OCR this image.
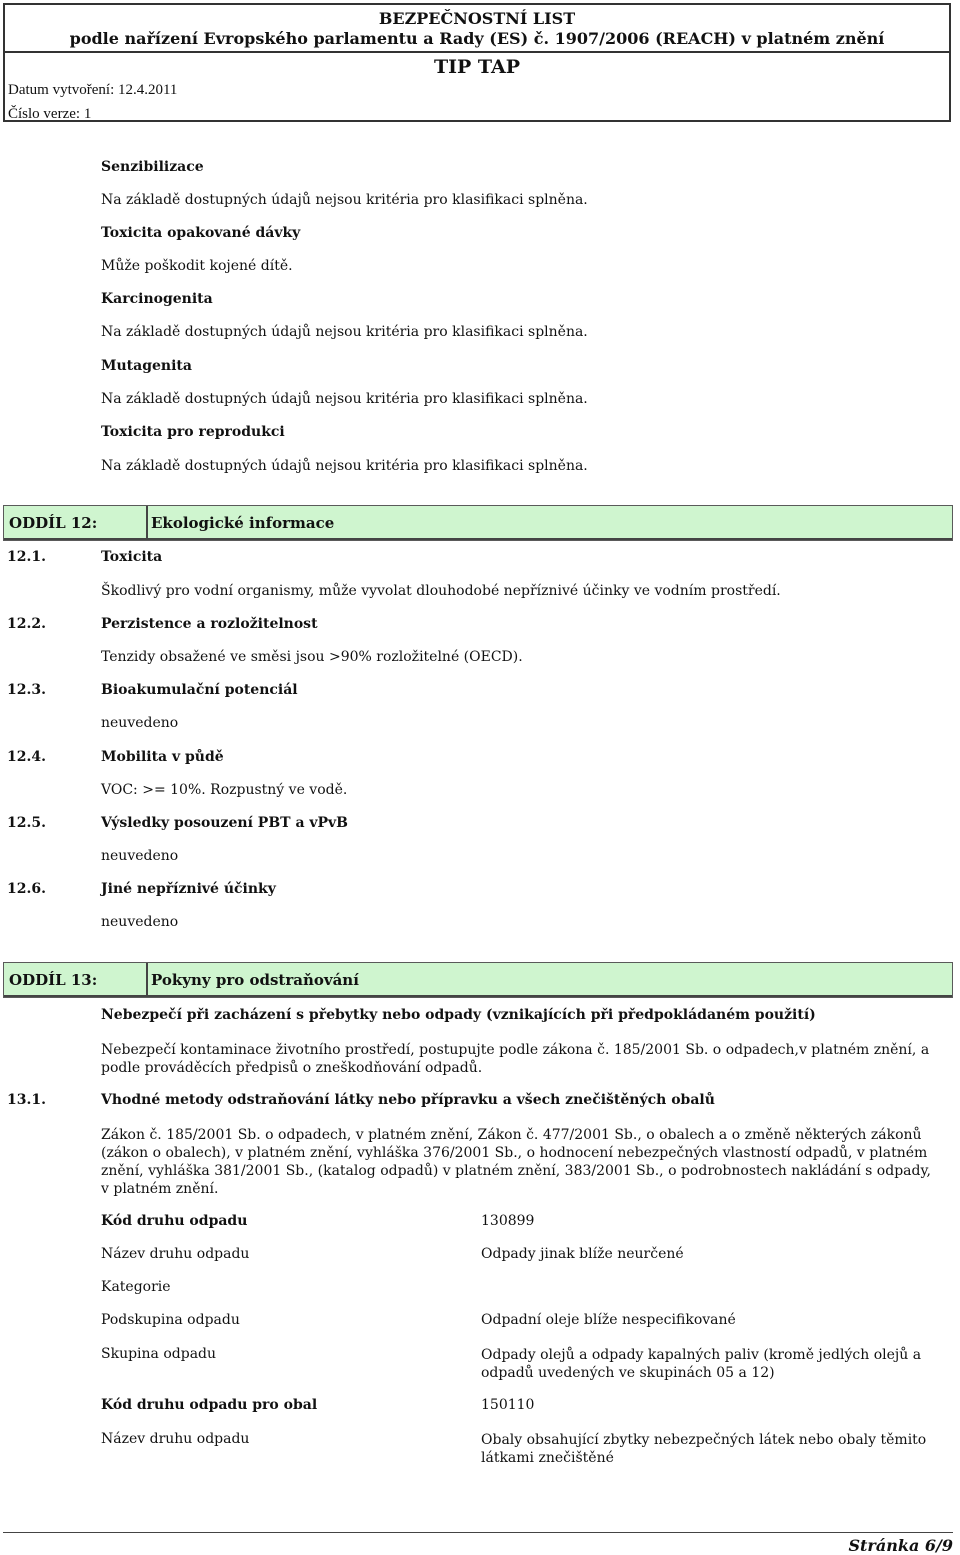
BEZPEČNOSTNÍ LIST
podle nařízení Evropského parlamentu a Rady (ES) č. 1907/2006 (REACH) v platném znění
TIP TAP
Datum vytvoření: 12.4.2011
Číslo verze: 1
Senzibilizace
Na základě dostupných údajů nejsou kritéria pro klasifikaci splněna.
Toxicita opakované dávky
Může poškodit kojené dítě.
Karcinogenita
Na základě dostupných údajů nejsou kritéria pro klasifikaci splněna.
Mutagenita
Na základě dostupných údajů nejsou kritéria pro klasifikaci splněna.
Toxicita pro reprodukci
Na základě dostupných údajů nejsou kritéria pro klasifikaci splněna.
ODDÍL 12:	Ekologické informace
12.1.	Toxicita
Škodlivý pro vodní organismy, může vyvolat dlouhodobé nepříznivé účinky ve vodním prostředí.
12.2.	Perzistence a rozložitelnost
Tenzidy obsažené ve směsi jsou >90% rozložitelné (OECD).
12.3.	Bioakumulační potenciál
neuvedeno
12.4.	Mobilita v půdě
VOC: >= 10%. Rozpustný ve vodě.
12.5.	Výsledky posouzení PBT a vPvB
neuvedeno
12.6.	Jiné nepříznivé účinky
neuvedeno
ODDÍL 13:	Pokyny pro odstraňování
Nebezpečí při zacházení s přebytky nebo odpady (vznikajících při předpokládaném použití)
Nebezpečí kontaminace životního prostředí, postupujte podle zákona č. 185/2001 Sb. o odpadech,v platném znění, a podle prováděcích předpisů o zneškodňování odpadů.
13.1.	Vhodné metody odstraňování látky nebo přípravku a všech znečištěných obalů
Zákon č. 185/2001 Sb. o odpadech, v platném znění, Zákon č. 477/2001 Sb., o obalech a o změně některých zákonů (zákon o obalech), v platném znění, vyhláška 376/2001 Sb., o hodnocení nebezpečných vlastností odpadů, v platném znění, vyhláška 381/2001 Sb., (katalog odpadů) v platném znění, 383/2001 Sb., o podrobnostech nakládání s odpady, v platném znění.
Kód druhu odpadu	130899
Název druhu odpadu	Odpady jinak blíže neurčené
Kategorie
Podskupina odpadu	Odpadní oleje blíže nespecifikované
Skupina odpadu	Odpady olejů a odpady kapalných paliv (kromě jedlých olejů a odpadů uvedených ve skupinách 05 a 12)
Kód druhu odpadu pro obal	150110
Název druhu odpadu	Obaly obsahující zbytky nebezpečných látek nebo obaly těmito látkami znečištěné
Stránka 6/9
